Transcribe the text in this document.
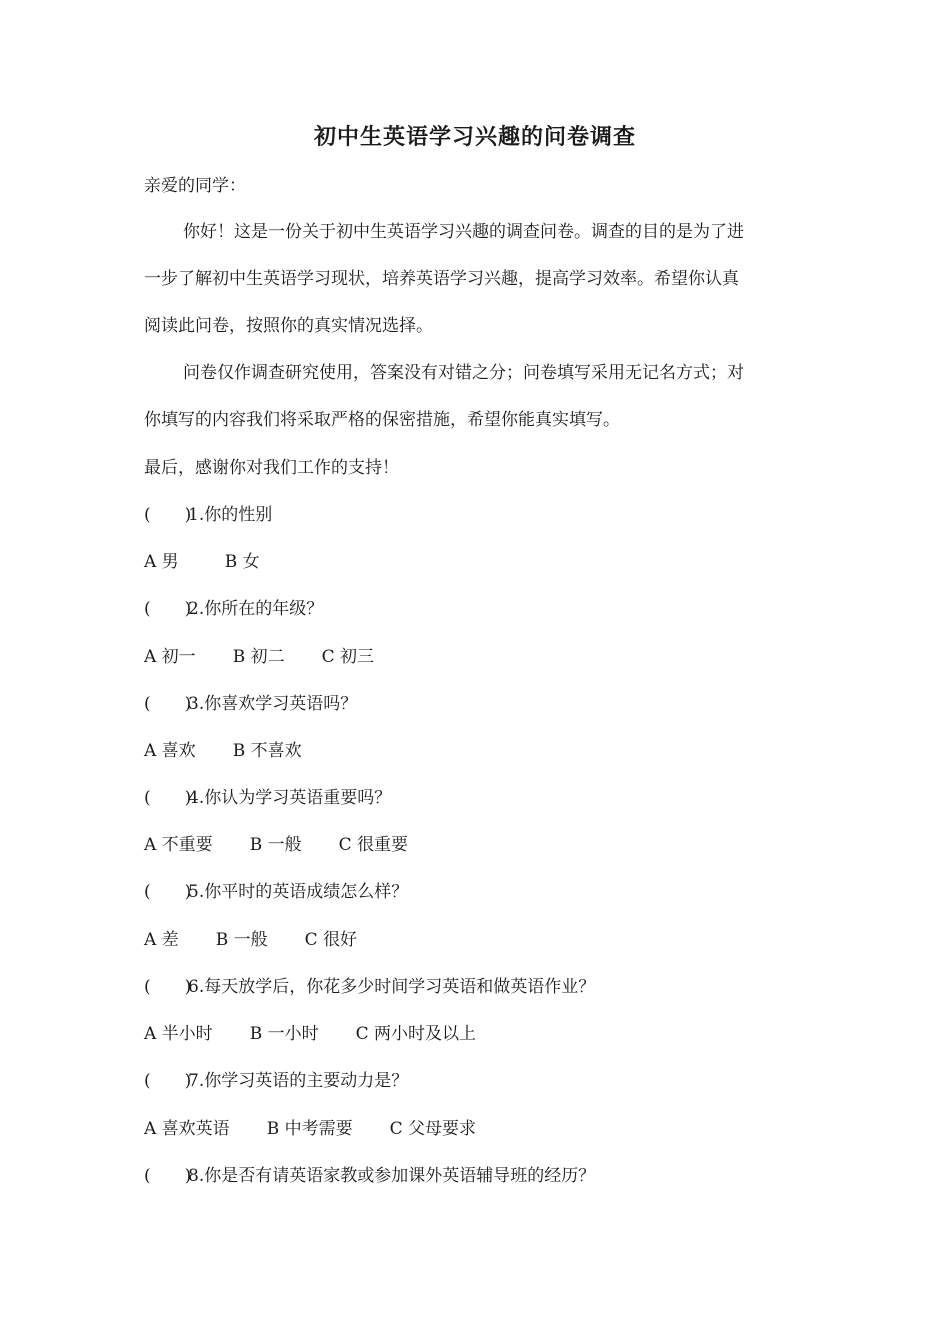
初中生英语学习兴趣的问卷调查
亲爱的同学：
你好！这是一份关于初中生英语学习兴趣的调查问卷。调查的目的是为了进
一步了解初中生英语学习现状，培养英语学习兴趣，提高学习效率。希望你认真
阅读此问卷，按照你的真实情况选择。
问卷仅作调查研究使用，答案没有对错之分；问卷填写采用无记名方式；对
你填写的内容我们将采取严格的保密措施，希望你能真实填写。
最后，感谢你对我们工作的支持！
(　　)1.你的性别
A 男	B 女
(　　)2.你所在的年级？
A 初一 B 初二 C 初三
(　　)3.你喜欢学习英语吗？
A 喜欢 B 不喜欢
(　　)4.你认为学习英语重要吗？
A 不重要 B 一般 C 很重要
(　　)5.你平时的英语成绩怎么样？
A 差 B 一般 C 很好
(　　)6.每天放学后，你花多少时间学习英语和做英语作业？
A 半小时 B 一小时 C 两小时及以上
(　　)7.你学习英语的主要动力是？
A 喜欢英语 B 中考需要 C 父母要求
(　　)8.你是否有请英语家教或参加课外英语辅导班的经历？
